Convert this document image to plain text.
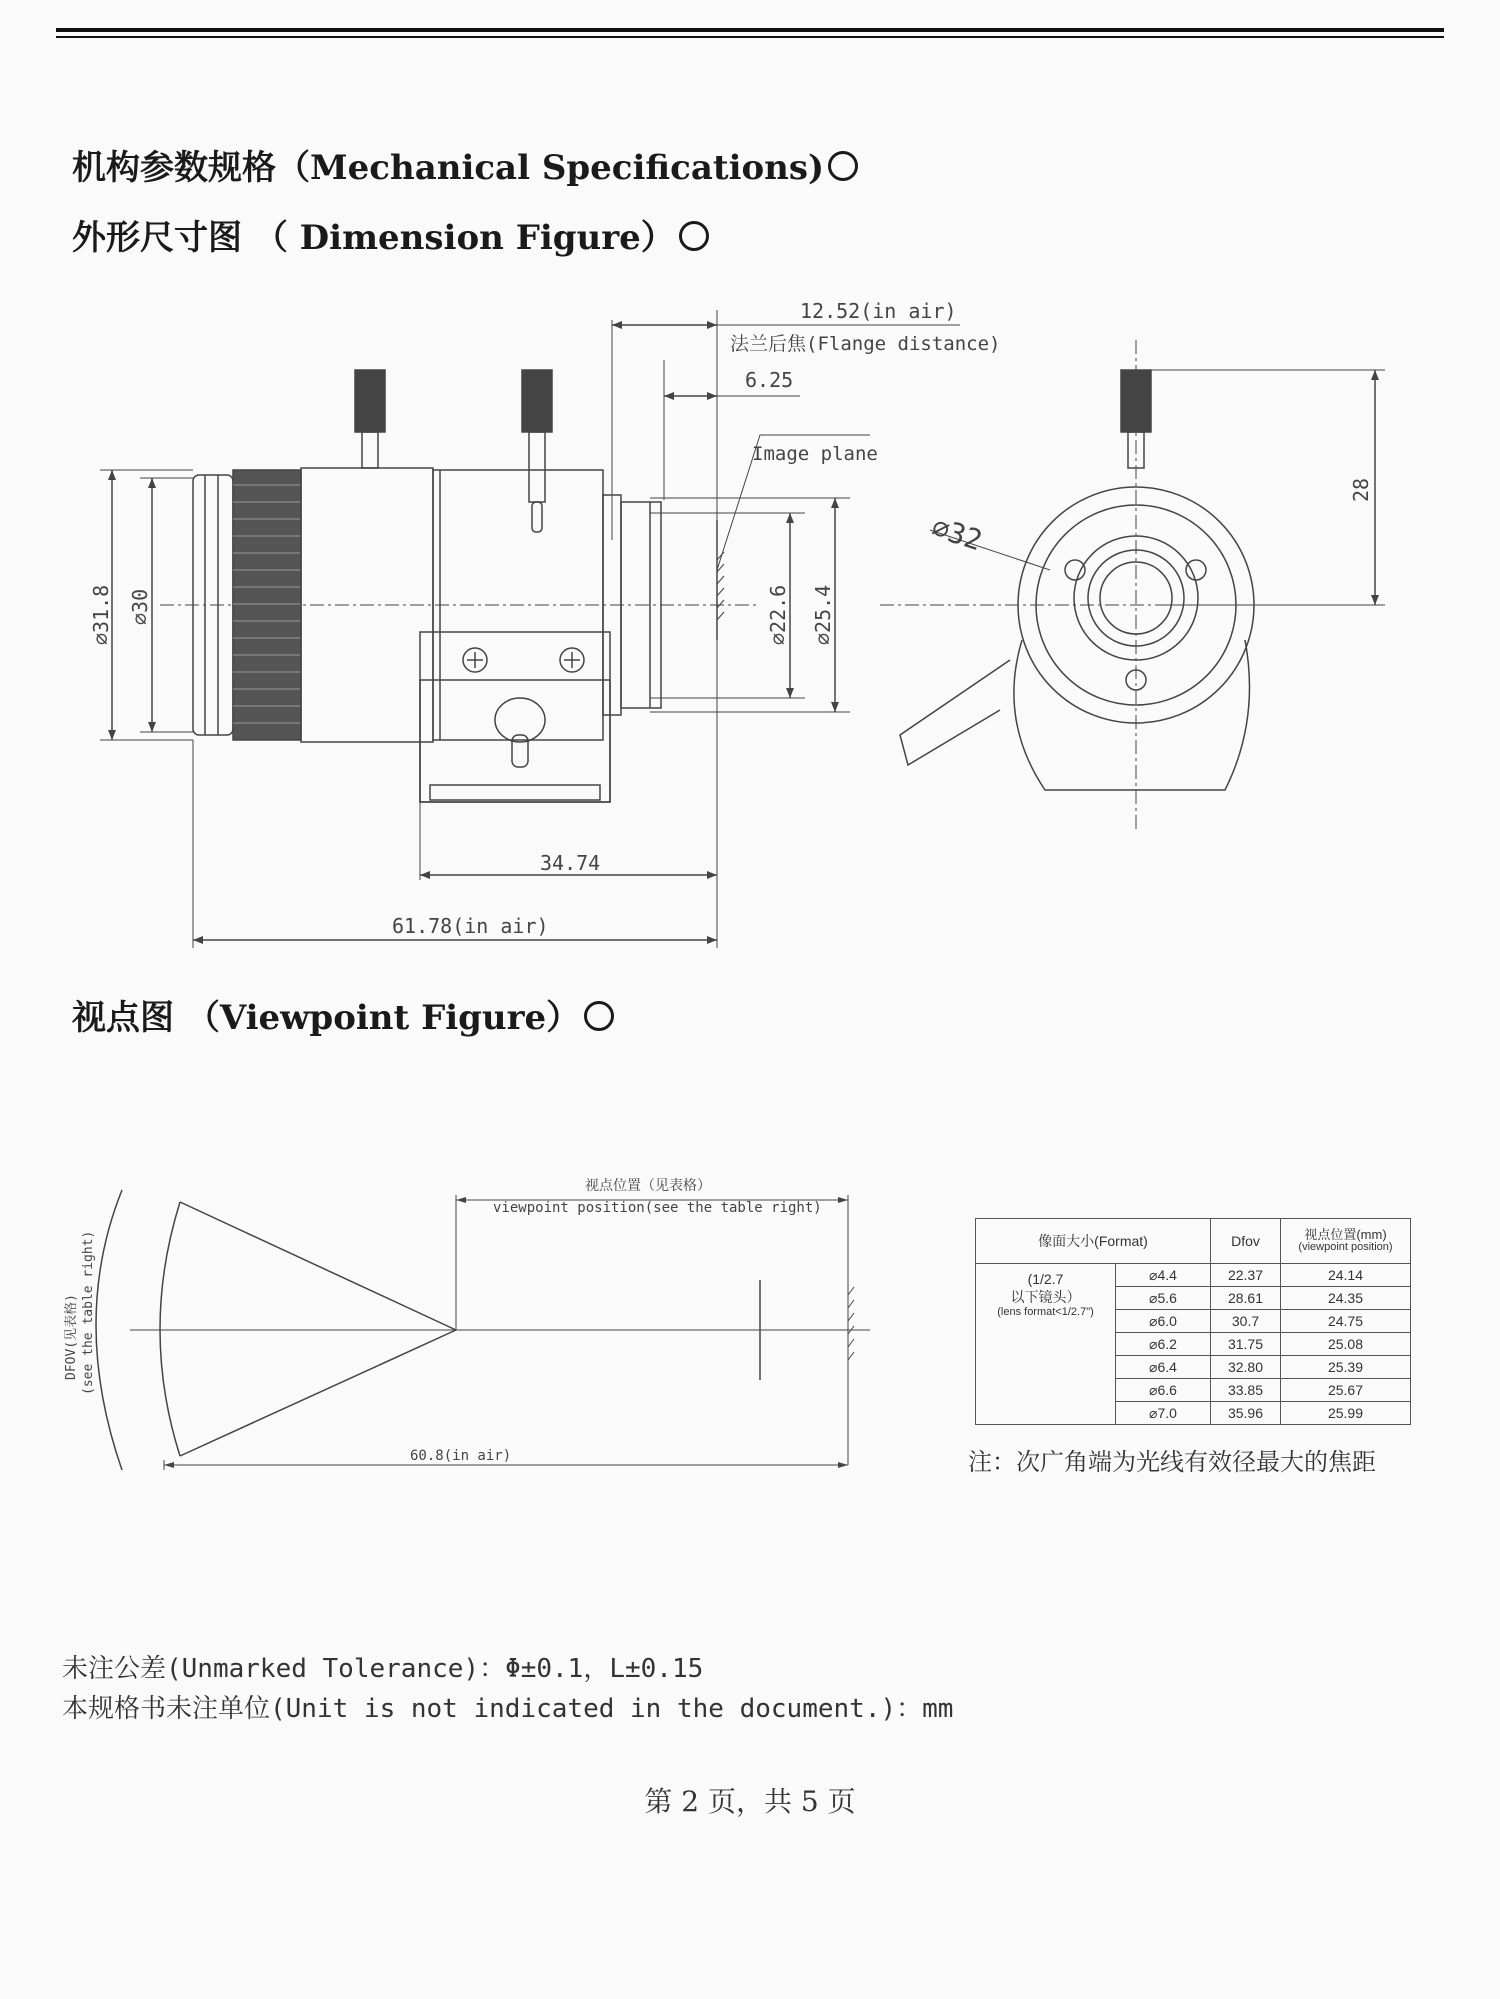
机构参数规格（Mechanical Specifications)
外形尺寸图 （ Dimension Figure）
12.52(in air)
法兰后焦(Flange distance)
6.25
Image plane
⌀31.8 ⌀30	⌀22.6 ⌀25.4
34.74
61.78(in air)
⌀32
28
视点图 （Viewpoint Figure）
视点位置（见表格）
viewpoint position(see the table right)
DFOV(见表格) (see the table right)
60.8(in air)
像面大小(Format)		Dfov	视点位置(mm)
(viewpoint position)

(1/2.7
以下镜头）
(lens format<1/2.7")	⌀4.4	22.37	24.14
	⌀5.6	28.61	24.35
	⌀6.0	30.7	24.75
	⌀6.2	31.75	25.08
	⌀6.4	32.80	25.39
	⌀6.6	33.85	25.67
	⌀7.0	35.96	25.99
注：次广角端为光线有效径最大的焦距
未注公差(Unmarked Tolerance)：Φ±0.1，L±0.15
本规格书未注单位(Unit is not indicated in the document.)：mm
第 2 页，共 5 页
